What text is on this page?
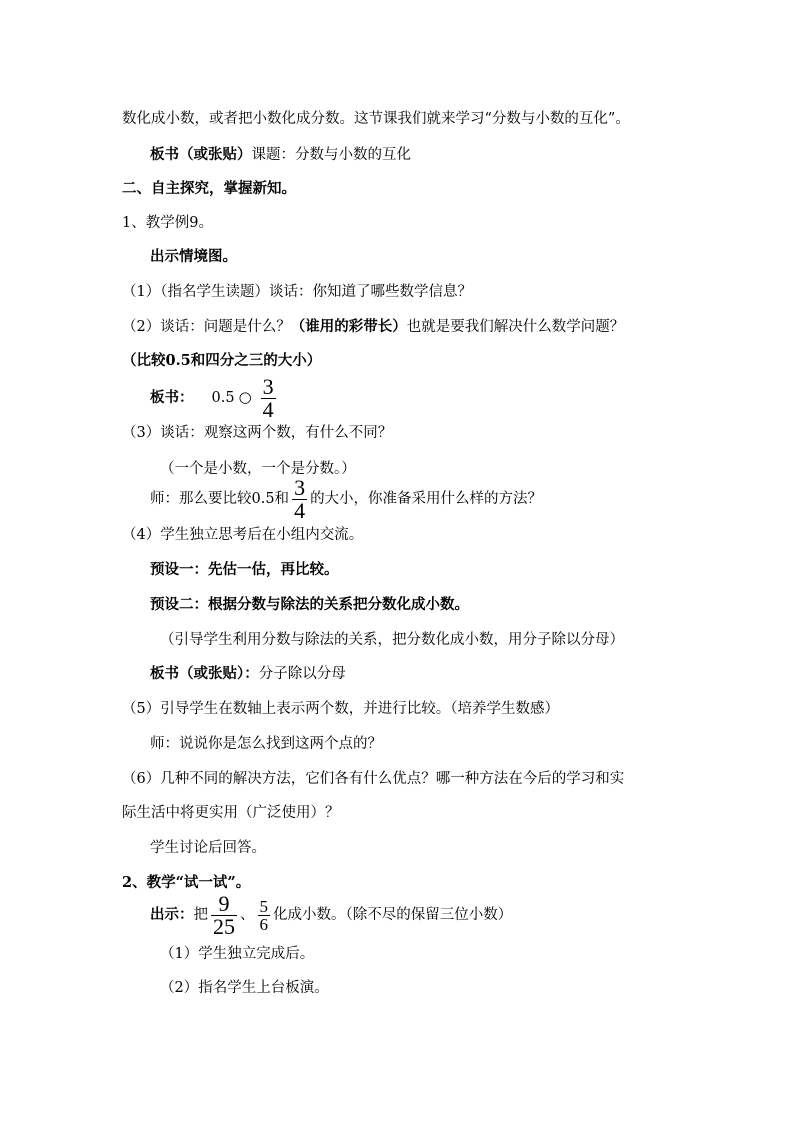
数化成小数，或者把小数化成分数。这节课我们就来学习“分数与小数的互化”。
板书（或张贴）课题：分数与小数的互化
二、自主探究，掌握新知。
1、教学例9。
出示情境图。
（1）（指名学生读题）谈话：你知道了哪些数学信息？
（2）谈话：问题是什么？（谁用的彩带长）也就是要我们解决什么数学问题？
（比较0.5和四分之三的大小）
板书： 0.5 ○ $\frac{3}{4}$
（3）谈话：观察这两个数，有什么不同？
（一个是小数，一个是分数。）
师：那么要比较0.5和 $\frac{3}{4}$ 的大小，你准备采用什么样的方法？
（4）学生独立思考后在小组内交流。
预设一：先估一估，再比较。
预设二：根据分数与除法的关系把分数化成小数。
（引导学生利用分数与除法的关系，把分数化成小数，用分子除以分母）
板书（或张贴）：分子除以分母
（5）引导学生在数轴上表示两个数，并进行比较。（培养学生数感）
师：说说你是怎么找到这两个点的？
（6）几种不同的解决方法，它们各有什么优点？哪一种方法在今后的学习和实
际生活中将更实用（广泛使用）？
学生讨论后回答。
2、教学“试一试”。
出示：把 $\frac{9}{25}$ 、 $\frac{5}{6}$ 化成小数。（除不尽的保留三位小数）
（1）学生独立完成后。
（2）指名学生上台板演。
